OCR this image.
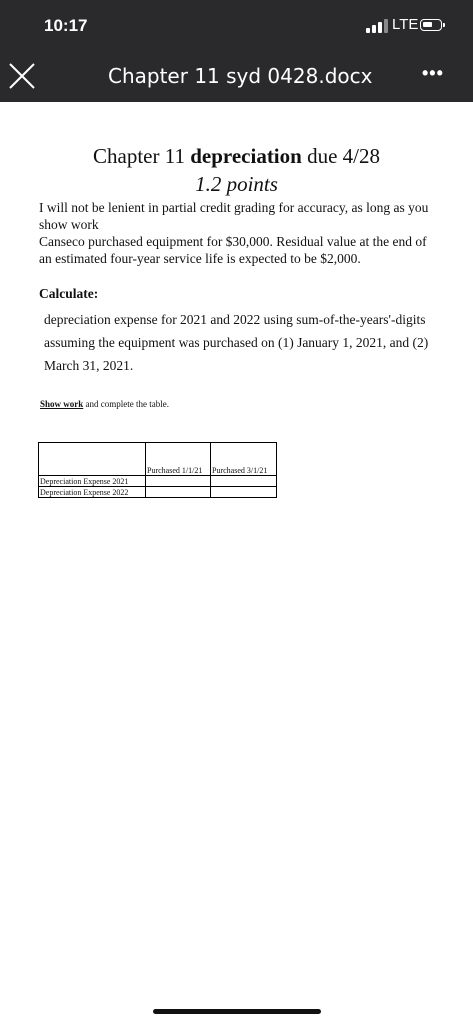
10:17	LTE
Chapter 11 syd 0428.docx	•••
Chapter 11 depreciation due 4/28
1.2 points
I will not be lenient in partial credit grading for accuracy, as long as you show work
Canseco purchased equipment for $30,000. Residual value at the end of an estimated four-year service life is expected to be $2,000.
Calculate:
depreciation expense for 2021 and 2022 using sum-of-the-years'-digits assuming the equipment was purchased on (1) January 1, 2021, and (2) March 31, 2021.
Show work and complete the table.
	Purchased 1/1/21	Purchased 3/1/21
Depreciation Expense 2021		
Depreciation Expense 2022		
